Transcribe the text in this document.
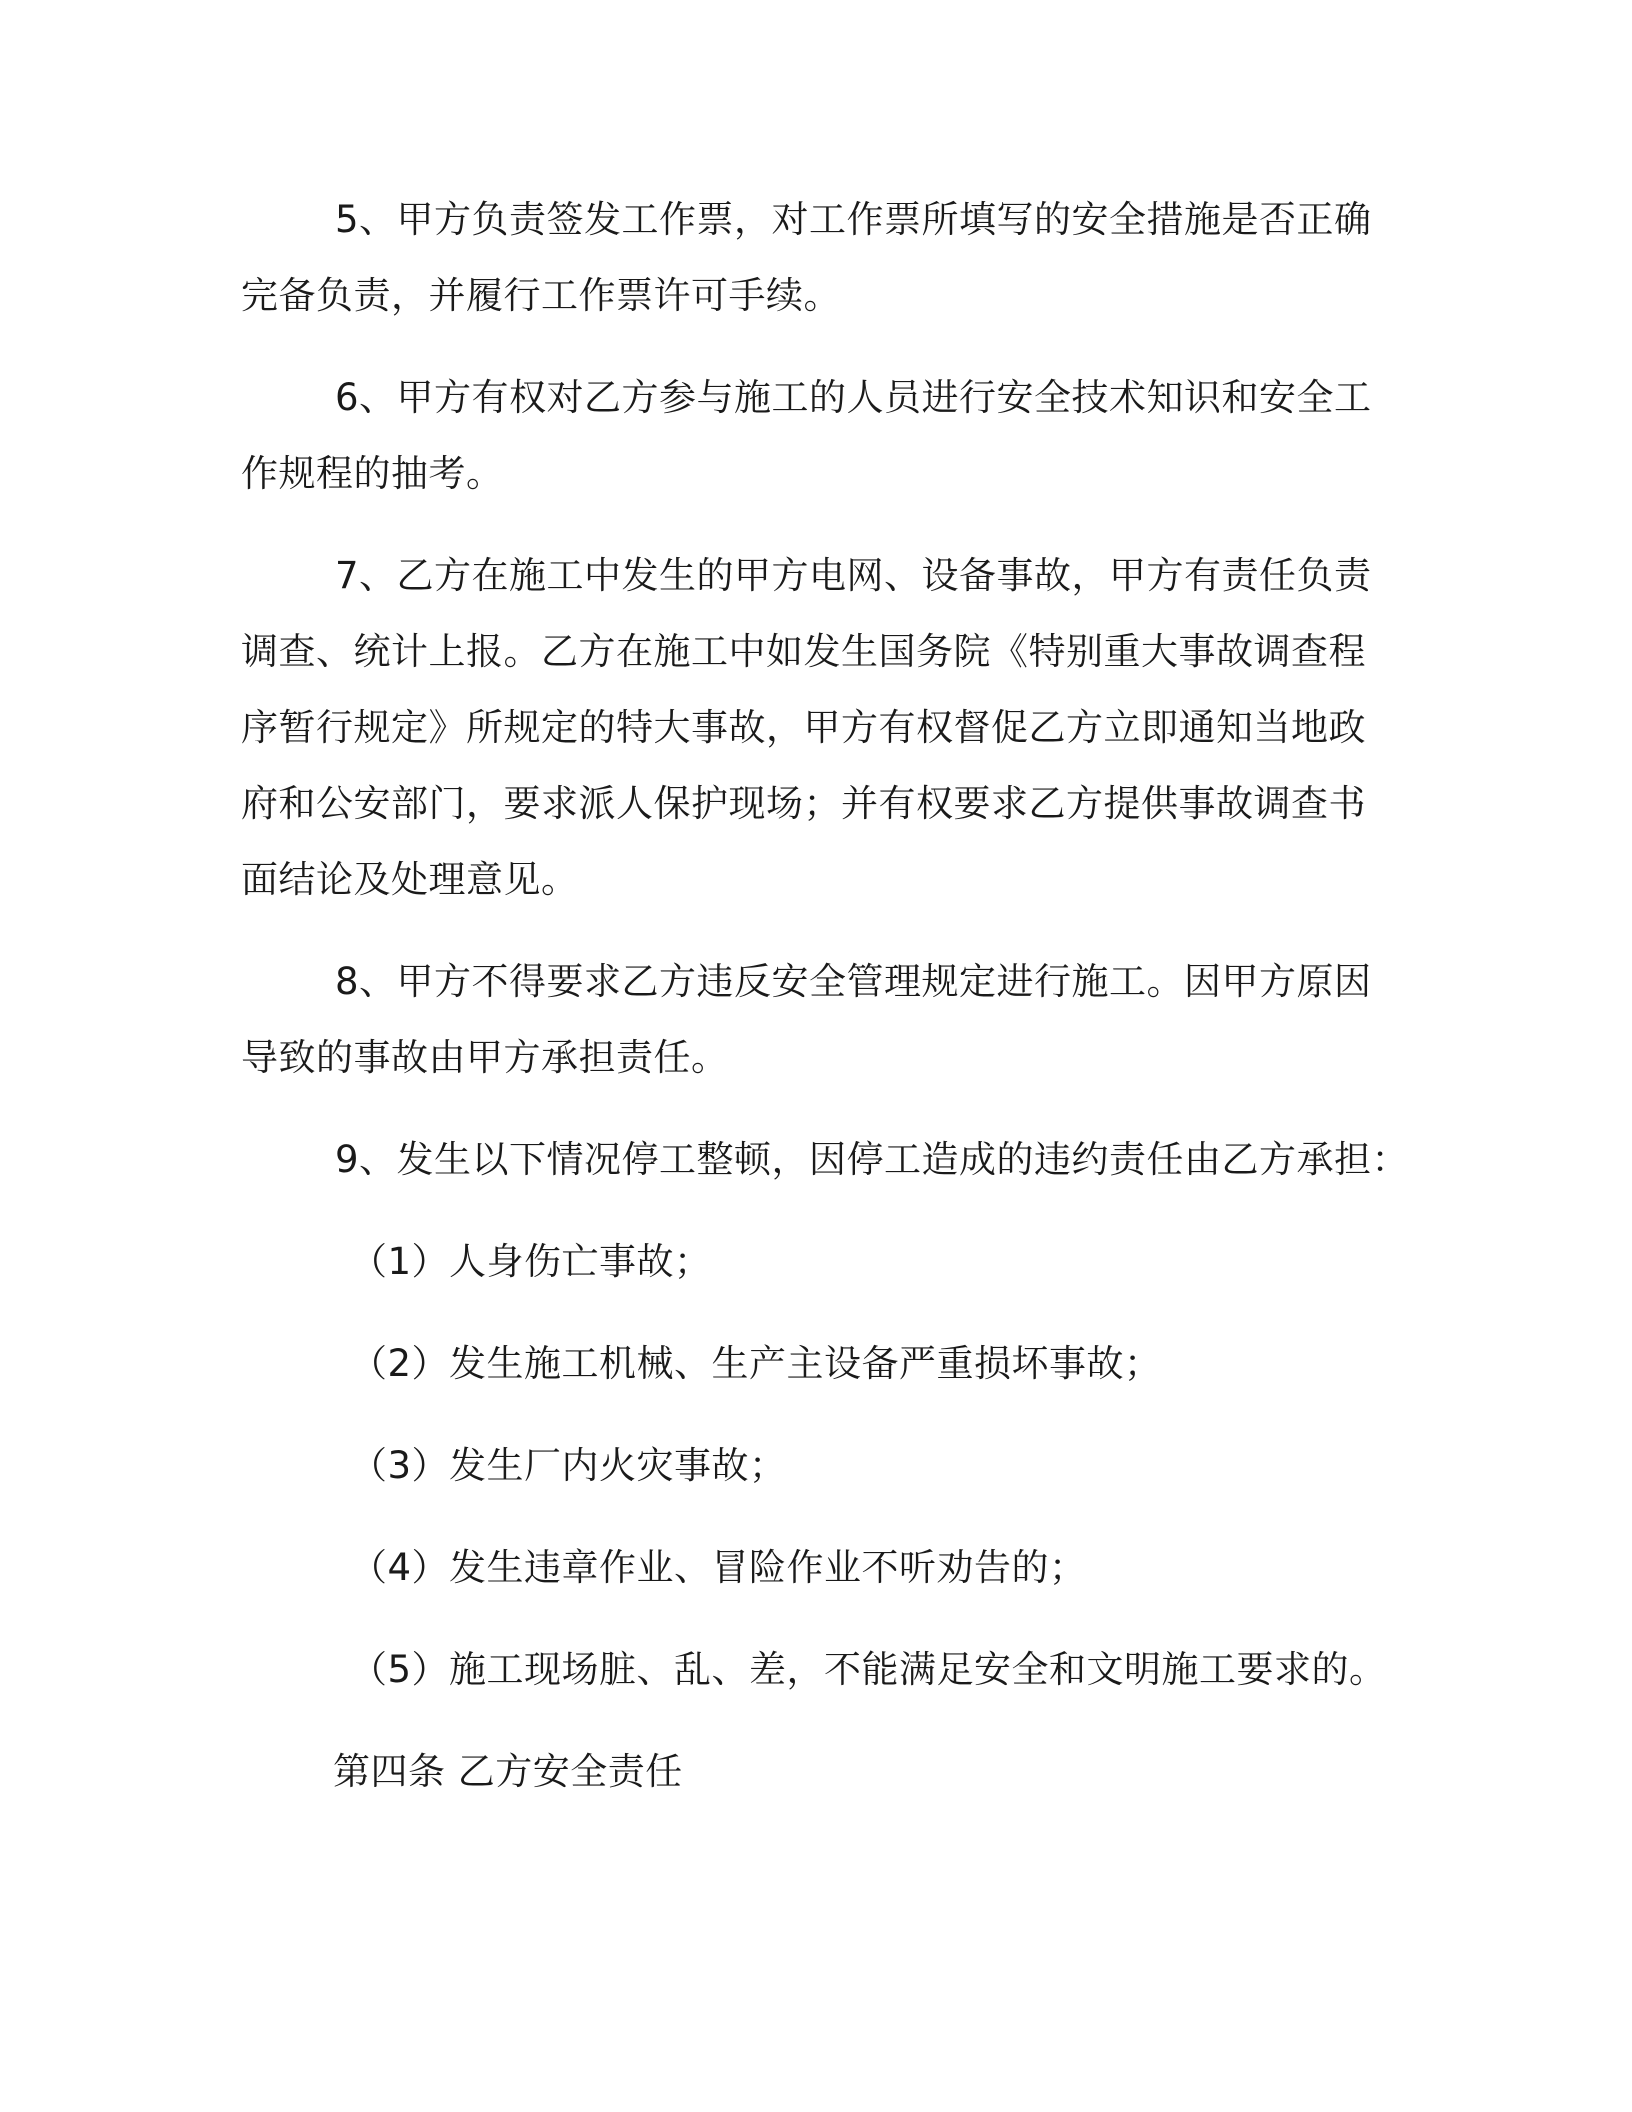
5、甲方负责签发工作票，对工作票所填写的安全措施是否正确
完备负责，并履行工作票许可手续。
6、甲方有权对乙方参与施工的人员进行安全技术知识和安全工
作规程的抽考。
7、乙方在施工中发生的甲方电网、设备事故，甲方有责任负责
调查、统计上报。乙方在施工中如发生国务院《特别重大事故调查程
序暂行规定》所规定的特大事故，甲方有权督促乙方立即通知当地政
府和公安部门，要求派人保护现场；并有权要求乙方提供事故调查书
面结论及处理意见。
8、甲方不得要求乙方违反安全管理规定进行施工。因甲方原因
导致的事故由甲方承担责任。
9、发生以下情况停工整顿，因停工造成的违约责任由乙方承担：
（1）人身伤亡事故；
（2）发生施工机械、生产主设备严重损坏事故；
（3）发生厂内火灾事故；
（4）发生违章作业、冒险作业不听劝告的；
（5）施工现场脏、乱、差，不能满足安全和文明施工要求的。
第四条 乙方安全责任
